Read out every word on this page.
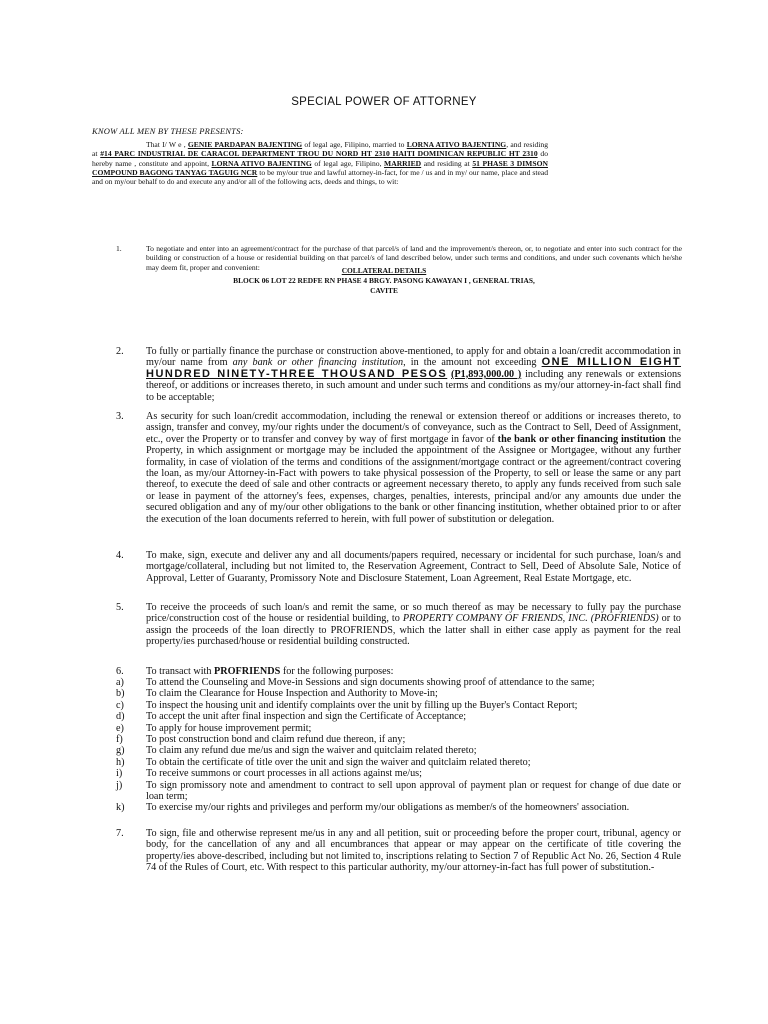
SPECIAL POWER OF ATTORNEY
KNOW ALL MEN BY THESE PRESENTS:
That I/ W e , GENIE PARDAPAN BAJENTING of legal age, Filipino, married to LORNA ATIVO BAJENTING, and residing at #14 PARC INDUSTRIAL DE CARACOL DEPARTMENT TROU DU NORD HT 2310 HAITI DOMINICAN REPUBLIC HT 2310 do hereby name , constitute and appoint, LORNA ATIVO BAJENTING of legal age, Filipino, MARRIED and residing at 51 PHASE 3 DIMSON COMPOUND BAGONG TANYAG TAGUIG NCR to be my/our true and lawful attorney-in-fact, for me / us and in my/ our name, place and stead and on my/our behalf to do and execute any and/or all of the following acts, deeds and things, to wit:
1.	To negotiate and enter into an agreement/contract for the purchase of that parcel/s of land and the improvement/s thereon, or, to negotiate and enter into such contract for the building or construction of a house or residential building on that parcel/s of land described below, under such terms and conditions, and under such covenants which he/she may deem fit, proper and convenient:	COLLATERAL DETAILS
BLOCK 06 LOT 22 REDFE RN PHASE 4 BRGY. PASONG KAWAYAN I , GENERAL TRIAS,
CAVITE
2. To fully or partially finance the purchase or construction above-mentioned, to apply for and obtain a loan/credit accommodation in my/our name from any bank or other financing institution, in the amount not exceeding ONE MILLION EIGHT HUNDRED NINETY-THREE THOUSAND PESOS (P1,893,000.00 ) including any renewals or extensions thereof, or additions or increases thereto, in such amount and under such terms and conditions as my/our attorney-in-fact shall find to be acceptable;
3. As security for such loan/credit accommodation, including the renewal or extension thereof or additions or increases thereto, to assign, transfer and convey, my/our rights under the document/s of conveyance, such as the Contract to Sell, Deed of Assignment, etc., over the Property or to transfer and convey by way of first mortgage in favor of the bank or other financing institution the Property, in which assignment or mortgage may be included the appointment of the Assignee or Mortgagee, without any further formality, in case of violation of the terms and conditions of the assignment/mortgage contract or the agreement/contract covering the loan, as my/our Attorney-in-Fact with powers to take physical possession of the Property, to sell or lease the same or any part thereof, to execute the deed of sale and other contracts or agreement necessary thereto, to apply any funds received from such sale or lease in payment of the attorney's fees, expenses, charges, penalties, interests, principal and/or any amounts due under the secured obligation and any of my/our other obligations to the bank or other financing institution, whether obtained prior to or after the execution of the loan documents referred to herein, with full power of substitution or delegation.
4. To make, sign, execute and deliver any and all documents/papers required, necessary or incidental for such purchase, loan/s and mortgage/collateral, including but not limited to, the Reservation Agreement, Contract to Sell, Deed of Absolute Sale, Notice of Approval, Letter of Guaranty, Promissory Note and Disclosure Statement, Loan Agreement, Real Estate Mortgage, etc.
5. To receive the proceeds of such loan/s and remit the same, or so much thereof as may be necessary to fully pay the purchase price/construction cost of the house or residential building, to PROPERTY COMPANY OF FRIENDS, INC. (PROFRIENDS) or to assign the proceeds of the loan directly to PROFRIENDS, which the latter shall in either case apply as payment for the real property/ies purchased/house or residential building constructed.
6. To transact with PROFRIENDS for the following purposes:
a) To attend the Counseling and Move-in Sessions and sign documents showing proof of attendance to the same;
b) To claim the Clearance for House Inspection and Authority to Move-in;
c) To inspect the housing unit and identify complaints over the unit by filling up the Buyer's Contact Report;
d) To accept the unit after final inspection and sign the Certificate of Acceptance;
e) To apply for house improvement permit;
f) To post construction bond and claim refund due thereon, if any;
g) To claim any refund due me/us and sign the waiver and quitclaim related thereto;
h) To obtain the certificate of title over the unit and sign the waiver and quitclaim related thereto;
i) To receive summons or court processes in all actions against me/us;
j) To sign promissory note and amendment to contract to sell upon approval of payment plan or request for change of due date or loan term;
k) To exercise my/our rights and privileges and perform my/our obligations as member/s of the homeowners' association.
7. To sign, file and otherwise represent me/us in any and all petition, suit or proceeding before the proper court, tribunal, agency or body, for the cancellation of any and all encumbrances that appear or may appear on the certificate of title covering the property/ies above-described, including but not limited to, inscriptions relating to Section 7 of Republic Act No. 26, Section 4 Rule 74 of the Rules of Court, etc. With respect to this particular authority, my/our attorney-in-fact has full power of substitution.-
